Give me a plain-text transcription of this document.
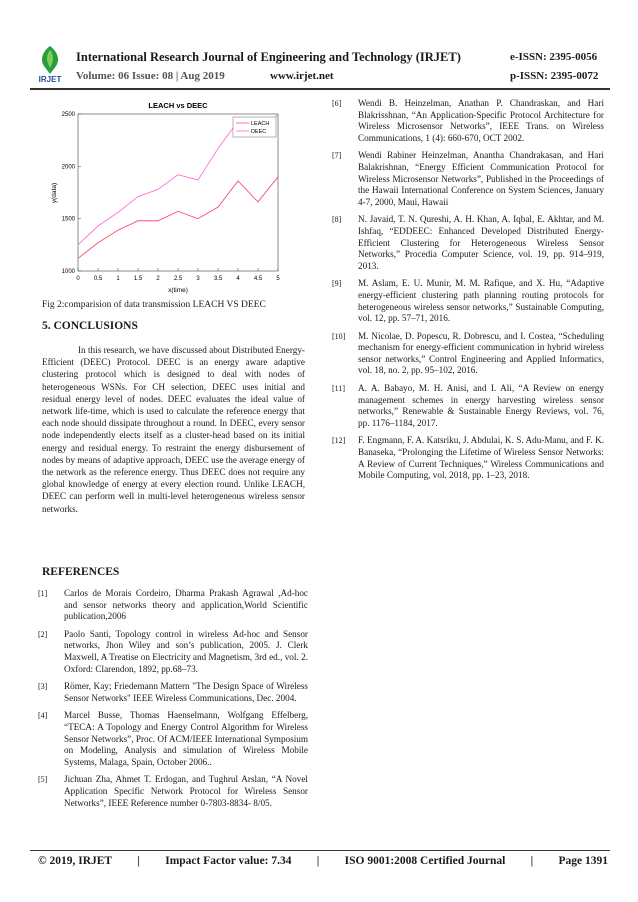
IRJET
International Research Journal of Engineering and Technology (IRJET)	e-ISSN: 2395-0056
Volume: 06 Issue: 08 | Aug 2019	www.irjet.net	p-ISSN: 2395-0072
LEACH vs DEEC
0 0.5 1 1.5 2 2.5 3 3.5 4 4.5 5
1000
1500
2000
2500
x(time)
y(data)
LEACH
DEEC
Fig 2:comparision of data transmission LEACH VS DEEC
5. CONCLUSIONS
In this research, we have discussed about Distributed Energy-Efficient (DEEC) Protocol. DEEC is an energy aware adaptive clustering protocol which is designed to deal with nodes of heterogeneous WSNs. For CH selection, DEEC uses initial and residual energy level of nodes. DEEC evaluates the ideal value of network life-time, which is used to calculate the reference energy that each node should dissipate throughout a round. In DEEC, every sensor node independently elects itself as a cluster-head based on its initial energy and residual energy. To restraint the energy disbursement of nodes by means of adaptive approach, DEEC use the average energy of the network as the reference energy. Thus DEEC does not require any global knowledge of energy at every election round. Unlike LEACH, DEEC can perform well in multi-level heterogeneous wireless sensor networks.
REFERENCES
[1] Carlos de Morais Cordeiro, Dharma Prakash Agrawal ,Ad-hoc and sensor networks theory and application,World Scientific publication,2006
[2] Paolo Santi, Topology control in wireless Ad-hoc and Sensor networks, Jhon Wiley and son’s publication, 2005. J. Clerk Maxwell, A Treatise on Electricity and Magnetism, 3rd ed., vol. 2. Oxford: Clarendon, 1892, pp.68–73.
[3] Römer, Kay; Friedemann Mattern "The Design Space of Wireless Sensor Networks" IEEE Wireless Communications, Dec. 2004.
[4] Marcel Busse, Thomas Haenselmann, Wolfgang Effelberg, “TECA: A Topology and Energy Control Algorithm for Wireless Sensor Networks”, Proc. Of ACM/IEEE International Symposium on Modeling, Analysis and simulation of Wireless Mobile Systems, Malaga, Spain, October 2006..
[5] Jichuan Zha, Ahmet T. Erdogan, and Tughrul Arslan, “A Novel Application Specific Network Protocol for Wireless Sensor Networks”, IEEE Reference number 0-7803-8834- 8/05.
[6] Wendi B. Heinzelman, Anathan P. Chandraskan, and Hari Blakrisshnan, “An Application-Specific Protocol Architecture for Wireless Microsensor Networks”, IEEE Trans. on Wireless Communications, 1 (4): 660-670, OCT 2002.
[7] Wendi Rabiner Heinzelman, Anantha Chandrakasan, and Hari Balakrishnan, “Energy Efficient Communication Protocol for Wireless Microsensor Networks”, Published in the Proceedings of the Hawaii International Conference on System Sciences, January 4-7, 2000, Maui, Hawaii
[8] N. Javaid, T. N. Qureshi, A. H. Khan, A. Iqbal, E. Akhtar, and M. Ishfaq, “EDDEEC: Enhanced Developed Distributed Energy-Efficient Clustering for Heterogeneous Wireless Sensor Networks,” Procedia Computer Science, vol. 19, pp. 914–919, 2013.
[9] M. Aslam, E. U. Munir, M. M. Rafique, and X. Hu, “Adaptive energy-efficient clustering path planning routing protocols for heterogeneous wireless sensor networks,” Sustainable Computing, vol. 12, pp. 57–71, 2016.
[10] M. Nicolae, D. Popescu, R. Dobrescu, and I. Costea, “Scheduling mechanism for energy-efficient communication in hybrid wireless sensor networks,” Control Engineering and Applied Informatics, vol. 18, no. 2, pp. 95–102, 2016.
[11] A. A. Babayo, M. H. Anisi, and I. Ali, “A Review on energy management schemes in energy harvesting wireless sensor networks,” Renewable & Sustainable Energy Reviews, vol. 76, pp. 1176–1184, 2017.
[12] F. Engmann, F. A. Katsriku, J. Abdulai, K. S. Adu-Manu, and F. K. Banaseka, “Prolonging the Lifetime of Wireless Sensor Networks: A Review of Current Techniques,” Wireless Communications and Mobile Computing, vol. 2018, pp. 1–23, 2018.
© 2019, IRJET | Impact Factor value: 7.34 | ISO 9001:2008 Certified Journal | Page 1391
